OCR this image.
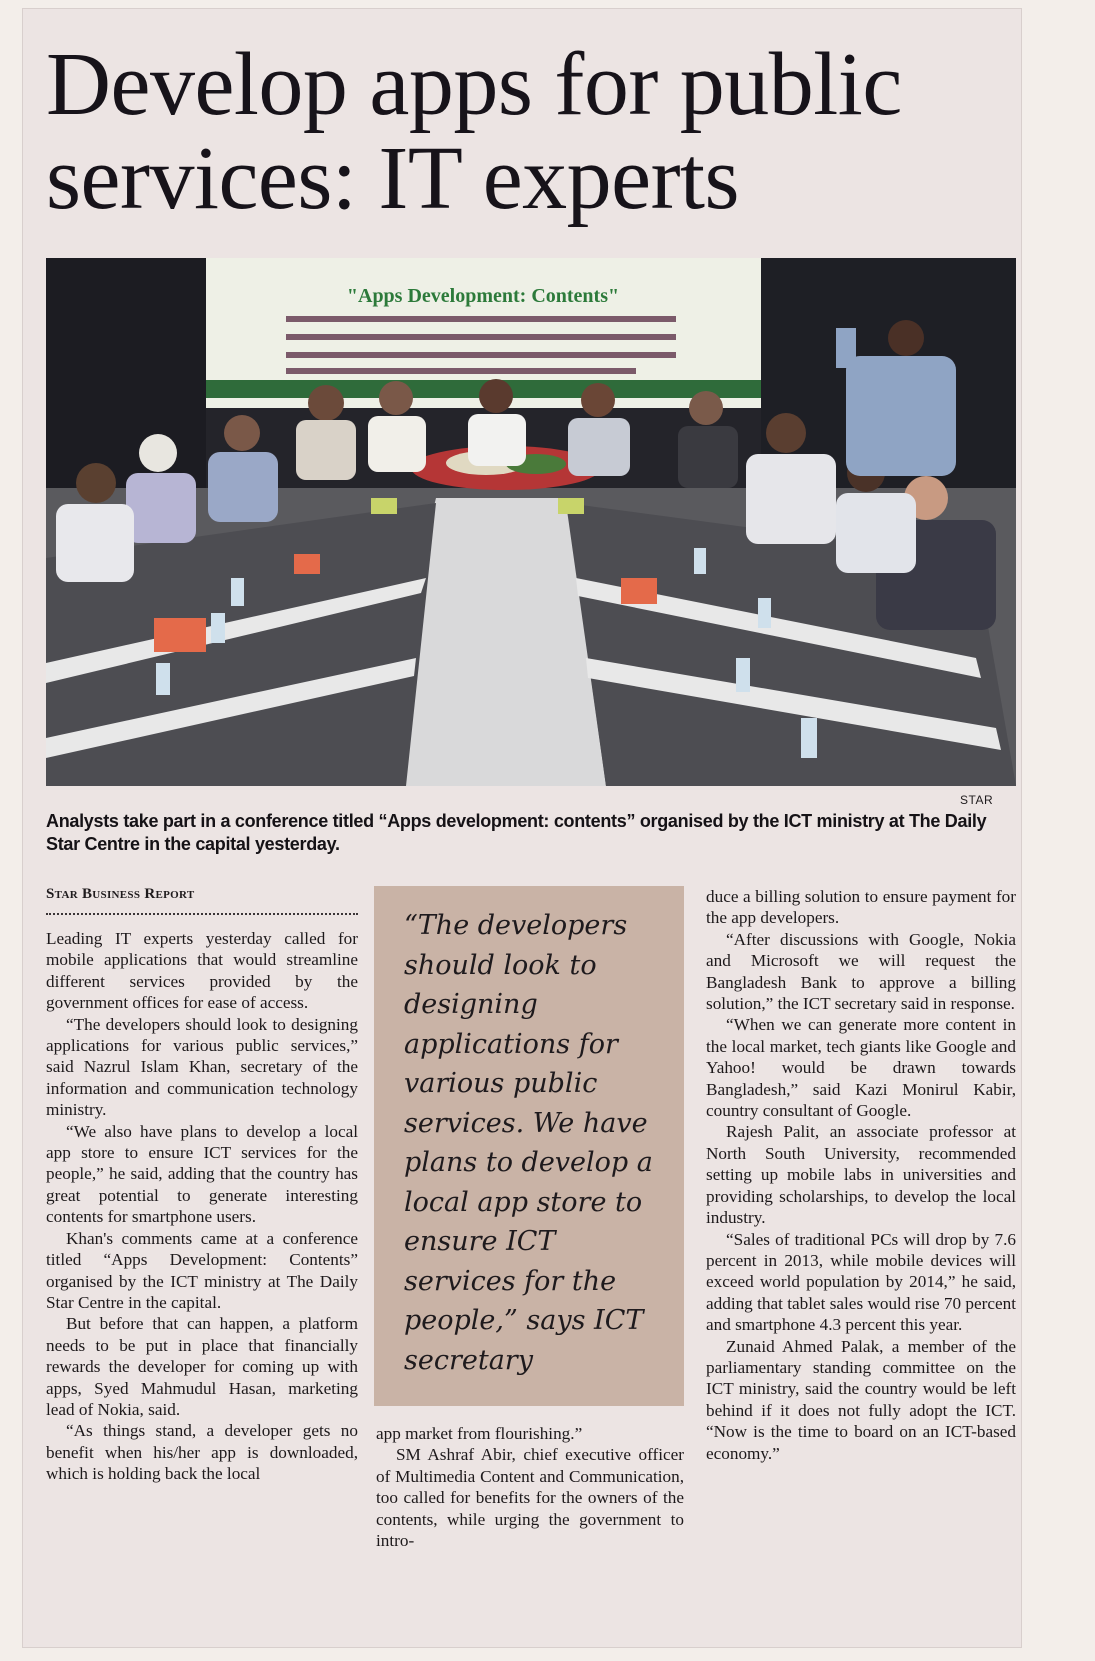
Develop apps for public services: IT experts
"Apps Development: Contents"
STAR
Analysts take part in a conference titled “Apps development: contents” organised by the ICT ministry at The Daily Star Centre in the capital yesterday.
Star Business Report

Leading IT experts yesterday called for mobile applications that would streamline different services provided by the government offices for ease of access.

“The developers should look to designing applications for various public services,” said Nazrul Islam Khan, secretary of the information and communication technology ministry.

“We also have plans to develop a local app store to ensure ICT services for the people,” he said, adding that the country has great potential to generate interesting contents for smartphone users.

Khan's comments came at a conference titled “Apps Development: Contents” organised by the ICT ministry at The Daily Star Centre in the capital.

But before that can happen, a platform needs to be put in place that financially rewards the developer for coming up with apps, Syed Mahmudul Hasan, marketing lead of Nokia, said.

“As things stand, a developer gets no benefit when his/her app is downloaded, which is holding back the local

“The developers should look to designing applications for various public services. We have plans to develop a local app store to ensure ICT services for the people,” says ICT secretary

app market from flourishing.”

SM Ashraf Abir, chief executive officer of Multimedia Content and Communication, too called for benefits for the owners of the contents, while urging the government to intro-

duce a billing solution to ensure payment for the app developers.

“After discussions with Google, Nokia and Microsoft we will request the Bangladesh Bank to approve a billing solution,” the ICT secretary said in response.

“When we can generate more content in the local market, tech giants like Google and Yahoo! would be drawn towards Bangladesh,” said Kazi Monirul Kabir, country consultant of Google.

Rajesh Palit, an associate professor at North South University, recommended setting up mobile labs in universities and providing scholarships, to develop the local industry.

“Sales of traditional PCs will drop by 7.6 percent in 2013, while mobile devices will exceed world population by 2014,” he said, adding that tablet sales would rise 70 percent and smartphone 4.3 percent this year.

Zunaid Ahmed Palak, a member of the parliamentary standing committee on the ICT ministry, said the country would be left behind if it does not fully adopt the ICT. “Now is the time to board on an ICT-based economy.”
